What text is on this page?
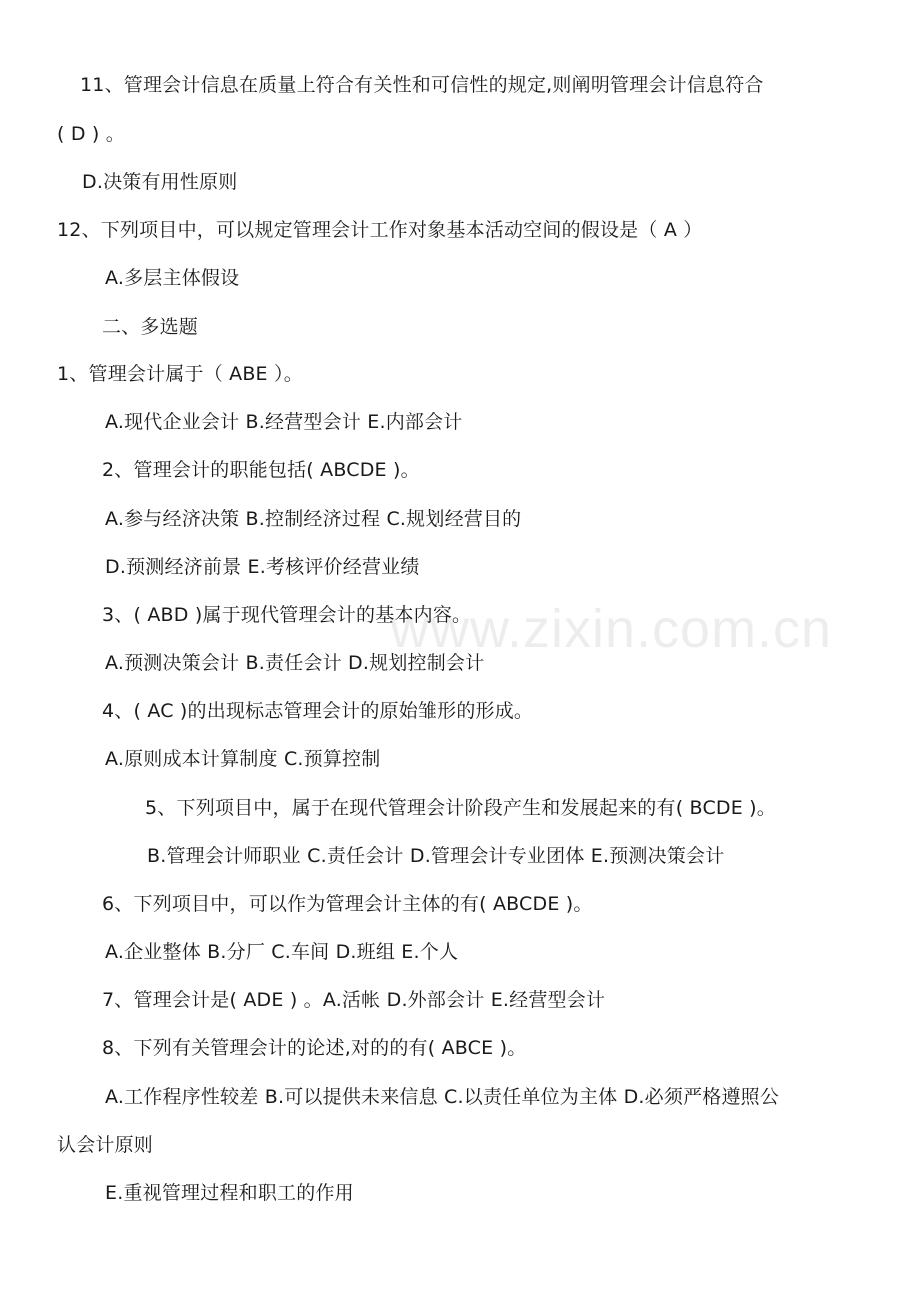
www.zixin.com.cn
11、管理会计信息在质量上符合有关性和可信性的规定,则阐明管理会计信息符合
( D ) 。
D.决策有用性原则
12、下列项目中，可以规定管理会计工作对象基本活动空间的假设是（ A ）
A.多层主体假设
二、多选题
1、管理会计属于（ ABE ）。
A.现代企业会计 B.经营型会计 E.内部会计
2、管理会计的职能包括( ABCDE )。
A.参与经济决策 B.控制经济过程 C.规划经营目的
D.预测经济前景 E.考核评价经营业绩
3、( ABD )属于现代管理会计的基本内容。
A.预测决策会计 B.责任会计 D.规划控制会计
4、( AC )的出现标志管理会计的原始雏形的形成。
A.原则成本计算制度 C.预算控制
5、下列项目中，属于在现代管理会计阶段产生和发展起来的有( BCDE )。
B.管理会计师职业 C.责任会计 D.管理会计专业团体 E.预测决策会计
6、下列项目中，可以作为管理会计主体的有( ABCDE )。
A.企业整体 B.分厂 C.车间 D.班组 E.个人
7、管理会计是( ADE ) 。A.活帐 D.外部会计 E.经营型会计
8、下列有关管理会计的论述,对的的有( ABCE )。
A.工作程序性较差 B.可以提供未来信息 C.以责任单位为主体 D.必须严格遵照公
认会计原则
E.重视管理过程和职工的作用
